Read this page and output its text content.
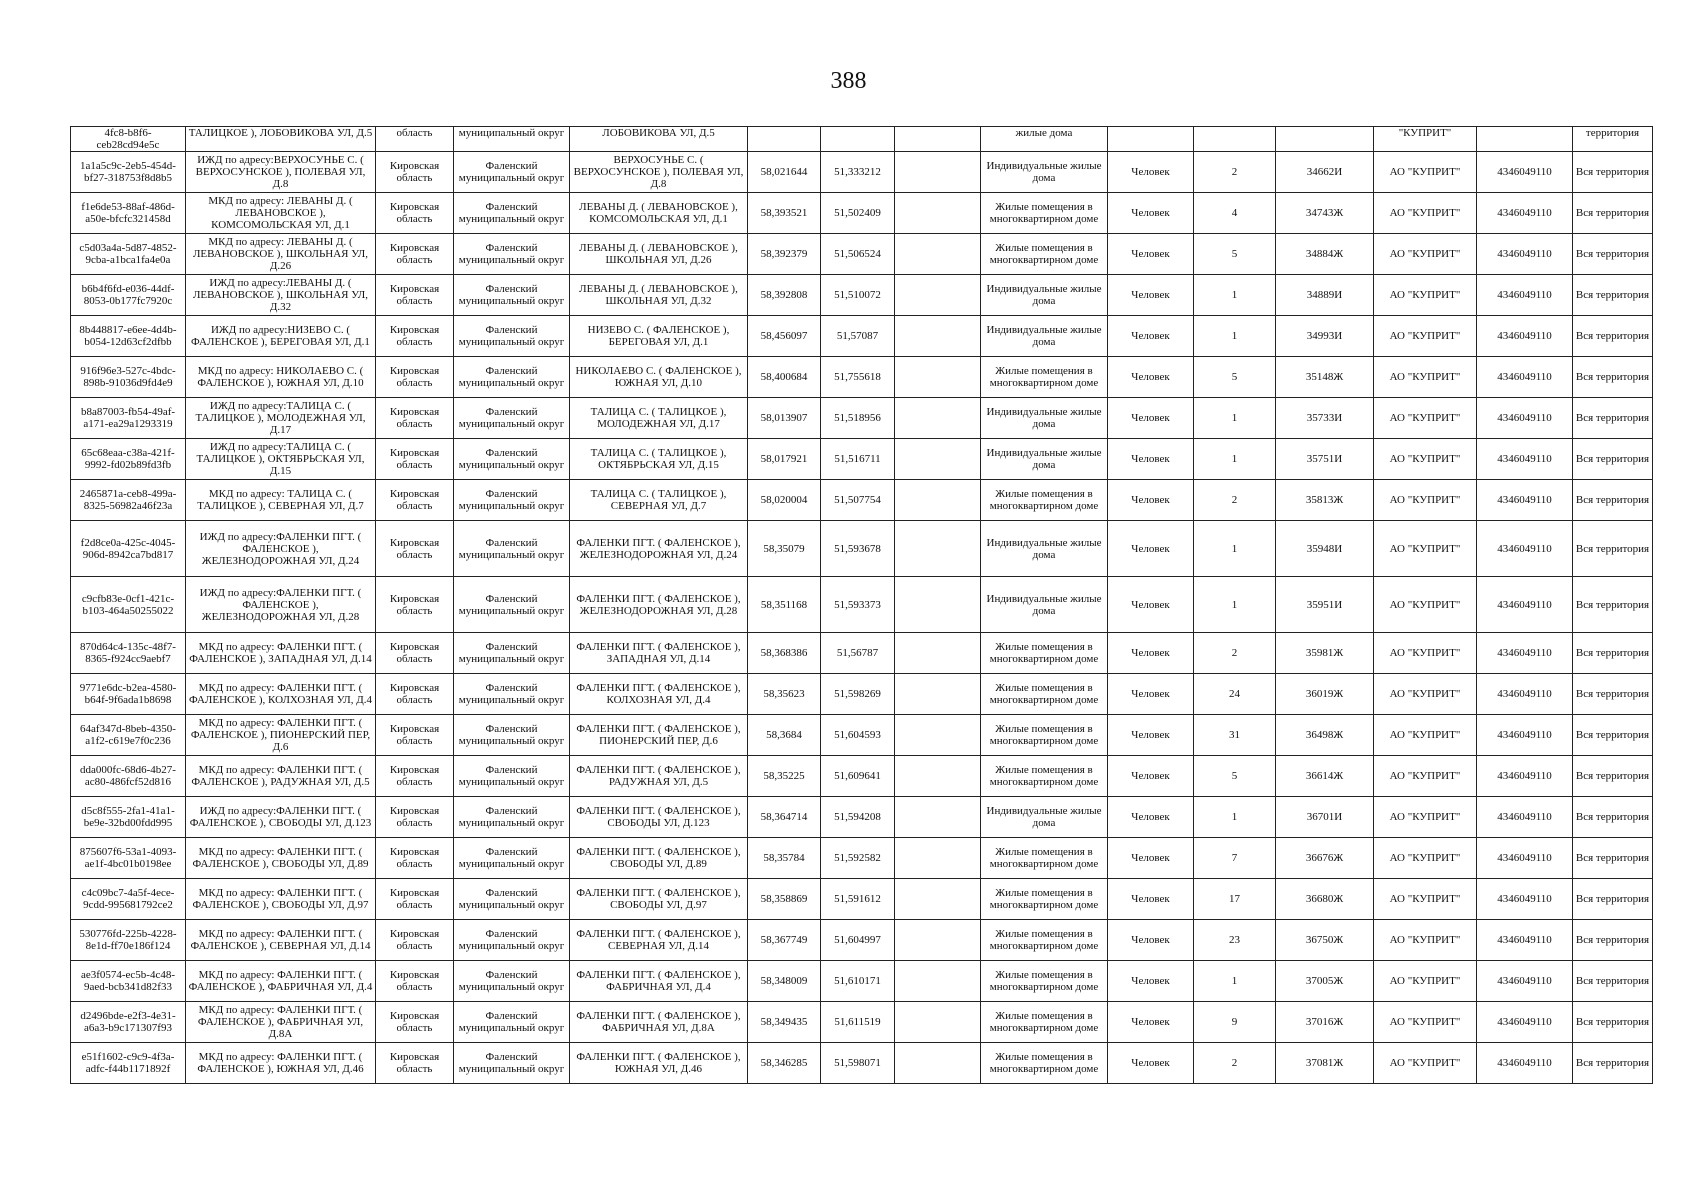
388
4fc8-b8f6- ceb28cd94e5c	ТАЛИЦКОЕ ), ЛОБОВИКОВА УЛ, Д.5	область	муниципальный округ	ЛОБОВИКОВА УЛ, Д.5				жилые дома				"КУПРИТ"		территория
1a1a5c9c-2eb5-454d-bf27-318753f8d8b5	ИЖД по адресу:ВЕРХОСУНЬЕ С. ( ВЕРХОСУНСКОЕ ), ПОЛЕВАЯ УЛ, Д.8	Кировская область	Фаленский муниципальный округ	ВЕРХОСУНЬЕ С. ( ВЕРХОСУНСКОЕ ), ПОЛЕВАЯ УЛ, Д.8	58,021644	51,333212		Индивидуальные жилые дома	Человек	2	34662И	АО "КУПРИТ"	4346049110	Вся территория
f1e6de53-88af-486d-a50e-bfcfc321458d	МКД по адресу: ЛЕВАНЫ Д. ( ЛЕВАНОВСКОЕ ), КОМСОМОЛЬСКАЯ УЛ, Д.1	Кировская область	Фаленский муниципальный округ	ЛЕВАНЫ Д. ( ЛЕВАНОВСКОЕ ), КОМСОМОЛЬСКАЯ УЛ, Д.1	58,393521	51,502409		Жилые помещения в многоквартирном доме	Человек	4	34743Ж	АО "КУПРИТ"	4346049110	Вся территория
c5d03a4a-5d87-4852-9cba-a1bca1fa4e0a	МКД по адресу: ЛЕВАНЫ Д. ( ЛЕВАНОВСКОЕ ), ШКОЛЬНАЯ УЛ, Д.26	Кировская область	Фаленский муниципальный округ	ЛЕВАНЫ Д. ( ЛЕВАНОВСКОЕ ), ШКОЛЬНАЯ УЛ, Д.26	58,392379	51,506524		Жилые помещения в многоквартирном доме	Человек	5	34884Ж	АО "КУПРИТ"	4346049110	Вся территория
b6b4f6fd-e036-44df-8053-0b177fc7920c	ИЖД по адресу:ЛЕВАНЫ Д. ( ЛЕВАНОВСКОЕ ), ШКОЛЬНАЯ УЛ, Д.32	Кировская область	Фаленский муниципальный округ	ЛЕВАНЫ Д. ( ЛЕВАНОВСКОЕ ), ШКОЛЬНАЯ УЛ, Д.32	58,392808	51,510072		Индивидуальные жилые дома	Человек	1	34889И	АО "КУПРИТ"	4346049110	Вся территория
8b448817-e6ee-4d4b-b054-12d63cf2dfbb	ИЖД по адресу:НИЗЕВО С. ( ФАЛЕНСКОЕ ), БЕРЕГОВАЯ УЛ, Д.1	Кировская область	Фаленский муниципальный округ	НИЗЕВО С. ( ФАЛЕНСКОЕ ), БЕРЕГОВАЯ УЛ, Д.1	58,456097	51,57087		Индивидуальные жилые дома	Человек	1	34993И	АО "КУПРИТ"	4346049110	Вся территория
916f96e3-527c-4bdc-898b-91036d9fd4e9	МКД по адресу: НИКОЛАЕВО С. ( ФАЛЕНСКОЕ ), ЮЖНАЯ УЛ, Д.10	Кировская область	Фаленский муниципальный округ	НИКОЛАЕВО С. ( ФАЛЕНСКОЕ ), ЮЖНАЯ УЛ, Д.10	58,400684	51,755618		Жилые помещения в многоквартирном доме	Человек	5	35148Ж	АО "КУПРИТ"	4346049110	Вся территория
b8a87003-fb54-49af-a171-ea29a1293319	ИЖД по адресу:ТАЛИЦА С. ( ТАЛИЦКОЕ ), МОЛОДЕЖНАЯ УЛ, Д.17	Кировская область	Фаленский муниципальный округ	ТАЛИЦА С. ( ТАЛИЦКОЕ ), МОЛОДЕЖНАЯ УЛ, Д.17	58,013907	51,518956		Индивидуальные жилые дома	Человек	1	35733И	АО "КУПРИТ"	4346049110	Вся территория
65c68eaa-c38a-421f-9992-fd02b89fd3fb	ИЖД по адресу:ТАЛИЦА С. ( ТАЛИЦКОЕ ), ОКТЯБРЬСКАЯ УЛ, Д.15	Кировская область	Фаленский муниципальный округ	ТАЛИЦА С. ( ТАЛИЦКОЕ ), ОКТЯБРЬСКАЯ УЛ, Д.15	58,017921	51,516711		Индивидуальные жилые дома	Человек	1	35751И	АО "КУПРИТ"	4346049110	Вся территория
2465871a-ceb8-499a-8325-56982a46f23a	МКД по адресу: ТАЛИЦА С. ( ТАЛИЦКОЕ ), СЕВЕРНАЯ УЛ, Д.7	Кировская область	Фаленский муниципальный округ	ТАЛИЦА С. ( ТАЛИЦКОЕ ), СЕВЕРНАЯ УЛ, Д.7	58,020004	51,507754		Жилые помещения в многоквартирном доме	Человек	2	35813Ж	АО "КУПРИТ"	4346049110	Вся территория
f2d8ce0a-425c-4045-906d-8942ca7bd817	ИЖД по адресу:ФАЛЕНКИ ПГТ. ( ФАЛЕНСКОЕ ), ЖЕЛЕЗНОДОРОЖНАЯ УЛ, Д.24	Кировская область	Фаленский муниципальный округ	ФАЛЕНКИ ПГТ. ( ФАЛЕНСКОЕ ), ЖЕЛЕЗНОДОРОЖНАЯ УЛ, Д.24	58,35079	51,593678		Индивидуальные жилые дома	Человек	1	35948И	АО "КУПРИТ"	4346049110	Вся территория
c9cfb83e-0cf1-421c-b103-464a50255022	ИЖД по адресу:ФАЛЕНКИ ПГТ. ( ФАЛЕНСКОЕ ), ЖЕЛЕЗНОДОРОЖНАЯ УЛ, Д.28	Кировская область	Фаленский муниципальный округ	ФАЛЕНКИ ПГТ. ( ФАЛЕНСКОЕ ), ЖЕЛЕЗНОДОРОЖНАЯ УЛ, Д.28	58,351168	51,593373		Индивидуальные жилые дома	Человек	1	35951И	АО "КУПРИТ"	4346049110	Вся территория
870d64c4-135c-48f7-8365-f924cc9aebf7	МКД по адресу: ФАЛЕНКИ ПГТ. ( ФАЛЕНСКОЕ ), ЗАПАДНАЯ УЛ, Д.14	Кировская область	Фаленский муниципальный округ	ФАЛЕНКИ ПГТ. ( ФАЛЕНСКОЕ ), ЗАПАДНАЯ УЛ, Д.14	58,368386	51,56787		Жилые помещения в многоквартирном доме	Человек	2	35981Ж	АО "КУПРИТ"	4346049110	Вся территория
9771e6dc-b2ea-4580-b64f-9f6ada1b8698	МКД по адресу: ФАЛЕНКИ ПГТ. ( ФАЛЕНСКОЕ ), КОЛХОЗНАЯ УЛ, Д.4	Кировская область	Фаленский муниципальный округ	ФАЛЕНКИ ПГТ. ( ФАЛЕНСКОЕ ), КОЛХОЗНАЯ УЛ, Д.4	58,35623	51,598269		Жилые помещения в многоквартирном доме	Человек	24	36019Ж	АО "КУПРИТ"	4346049110	Вся территория
64af347d-8beb-4350-a1f2-c619e7f0c236	МКД по адресу: ФАЛЕНКИ ПГТ. ( ФАЛЕНСКОЕ ), ПИОНЕРСКИЙ ПЕР, Д.6	Кировская область	Фаленский муниципальный округ	ФАЛЕНКИ ПГТ. ( ФАЛЕНСКОЕ ), ПИОНЕРСКИЙ ПЕР, Д.6	58,3684	51,604593		Жилые помещения в многоквартирном доме	Человек	31	36498Ж	АО "КУПРИТ"	4346049110	Вся территория
dda000fc-68d6-4b27-ac80-486fcf52d816	МКД по адресу: ФАЛЕНКИ ПГТ. ( ФАЛЕНСКОЕ ), РАДУЖНАЯ УЛ, Д.5	Кировская область	Фаленский муниципальный округ	ФАЛЕНКИ ПГТ. ( ФАЛЕНСКОЕ ), РАДУЖНАЯ УЛ, Д.5	58,35225	51,609641		Жилые помещения в многоквартирном доме	Человек	5	36614Ж	АО "КУПРИТ"	4346049110	Вся территория
d5c8f555-2fa1-41a1-be9e-32bd00fdd995	ИЖД по адресу:ФАЛЕНКИ ПГТ. ( ФАЛЕНСКОЕ ), СВОБОДЫ УЛ, Д.123	Кировская область	Фаленский муниципальный округ	ФАЛЕНКИ ПГТ. ( ФАЛЕНСКОЕ ), СВОБОДЫ УЛ, Д.123	58,364714	51,594208		Индивидуальные жилые дома	Человек	1	36701И	АО "КУПРИТ"	4346049110	Вся территория
875607f6-53a1-4093-ae1f-4bc01b0198ee	МКД по адресу: ФАЛЕНКИ ПГТ. ( ФАЛЕНСКОЕ ), СВОБОДЫ УЛ, Д.89	Кировская область	Фаленский муниципальный округ	ФАЛЕНКИ ПГТ. ( ФАЛЕНСКОЕ ), СВОБОДЫ УЛ, Д.89	58,35784	51,592582		Жилые помещения в многоквартирном доме	Человек	7	36676Ж	АО "КУПРИТ"	4346049110	Вся территория
c4c09bc7-4a5f-4ece-9cdd-995681792ce2	МКД по адресу: ФАЛЕНКИ ПГТ. ( ФАЛЕНСКОЕ ), СВОБОДЫ УЛ, Д.97	Кировская область	Фаленский муниципальный округ	ФАЛЕНКИ ПГТ. ( ФАЛЕНСКОЕ ), СВОБОДЫ УЛ, Д.97	58,358869	51,591612		Жилые помещения в многоквартирном доме	Человек	17	36680Ж	АО "КУПРИТ"	4346049110	Вся территория
530776fd-225b-4228-8e1d-ff70e186f124	МКД по адресу: ФАЛЕНКИ ПГТ. ( ФАЛЕНСКОЕ ), СЕВЕРНАЯ УЛ, Д.14	Кировская область	Фаленский муниципальный округ	ФАЛЕНКИ ПГТ. ( ФАЛЕНСКОЕ ), СЕВЕРНАЯ УЛ, Д.14	58,367749	51,604997		Жилые помещения в многоквартирном доме	Человек	23	36750Ж	АО "КУПРИТ"	4346049110	Вся территория
ae3f0574-ec5b-4c48-9aed-bcb341d82f33	МКД по адресу: ФАЛЕНКИ ПГТ. ( ФАЛЕНСКОЕ ), ФАБРИЧНАЯ УЛ, Д.4	Кировская область	Фаленский муниципальный округ	ФАЛЕНКИ ПГТ. ( ФАЛЕНСКОЕ ), ФАБРИЧНАЯ УЛ, Д.4	58,348009	51,610171		Жилые помещения в многоквартирном доме	Человек	1	37005Ж	АО "КУПРИТ"	4346049110	Вся территория
d2496bde-e2f3-4e31-a6a3-b9c171307f93	МКД по адресу: ФАЛЕНКИ ПГТ. ( ФАЛЕНСКОЕ ), ФАБРИЧНАЯ УЛ, Д.8А	Кировская область	Фаленский муниципальный округ	ФАЛЕНКИ ПГТ. ( ФАЛЕНСКОЕ ), ФАБРИЧНАЯ УЛ, Д.8А	58,349435	51,611519		Жилые помещения в многоквартирном доме	Человек	9	37016Ж	АО "КУПРИТ"	4346049110	Вся территория
e51f1602-c9c9-4f3a-adfc-f44b1171892f	МКД по адресу: ФАЛЕНКИ ПГТ. ( ФАЛЕНСКОЕ ), ЮЖНАЯ УЛ, Д.46	Кировская область	Фаленский муниципальный округ	ФАЛЕНКИ ПГТ. ( ФАЛЕНСКОЕ ), ЮЖНАЯ УЛ, Д.46	58,346285	51,598071		Жилые помещения в многоквартирном доме	Человек	2	37081Ж	АО "КУПРИТ"	4346049110	Вся территория
